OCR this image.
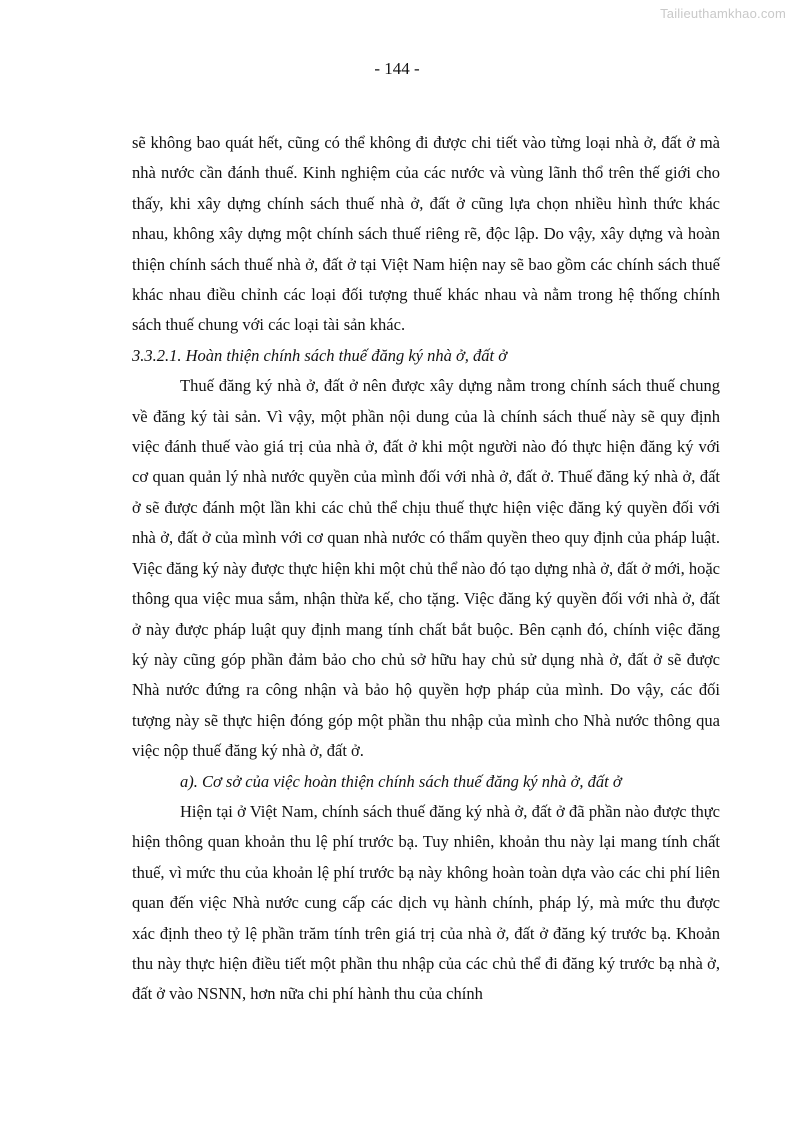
Tailieuthamkhao.com
- 144 -

sẽ không bao quát hết, cũng có thể không đi được chi tiết vào từng loại nhà ở, đất ở mà nhà nước cần đánh thuế. Kinh nghiệm của các nước và vùng lãnh thổ trên thế giới cho thấy, khi xây dựng chính sách thuế nhà ở, đất ở cũng lựa chọn nhiều hình thức khác nhau, không xây dựng một chính sách thuế riêng rẽ, độc lập. Do vậy, xây dựng và hoàn thiện chính sách thuế nhà ở, đất ở tại Việt Nam hiện nay sẽ bao gồm các chính sách thuế khác nhau điều chỉnh các loại đối tượng thuế khác nhau và nằm trong hệ thống chính sách thuế chung với các loại tài sản khác.

3.3.2.1. Hoàn thiện chính sách thuế đăng ký nhà ở, đất ở

Thuế đăng ký nhà ở, đất ở nên được xây dựng nằm trong chính sách thuế chung về đăng ký tài sản. Vì vậy, một phần nội dung của là chính sách thuế này sẽ quy định việc đánh thuế vào giá trị của nhà ở, đất ở khi một người nào đó thực hiện đăng ký với cơ quan quản lý nhà nước quyền của mình đối với nhà ở, đất ở. Thuế đăng ký nhà ở, đất ở sẽ được đánh một lần khi các chủ thể chịu thuế thực hiện việc đăng ký quyền đối với nhà ở, đất ở của mình với cơ quan nhà nước có thẩm quyền theo quy định của pháp luật. Việc đăng ký này được thực hiện khi một chủ thể nào đó tạo dựng nhà ở, đất ở mới, hoặc thông qua việc mua sắm, nhận thừa kế, cho tặng. Việc đăng ký quyền đối với nhà ở, đất ở này được pháp luật quy định mang tính chất bắt buộc. Bên cạnh đó, chính việc đăng ký này cũng góp phần đảm bảo cho chủ sở hữu hay chủ sử dụng nhà ở, đất ở sẽ được Nhà nước đứng ra công nhận và bảo hộ quyền hợp pháp của mình. Do vậy, các đối tượng này sẽ thực hiện đóng góp một phần thu nhập của mình cho Nhà nước thông qua việc nộp thuế đăng ký nhà ở, đất ở.

a). Cơ sở của việc hoàn thiện chính sách thuế đăng ký nhà ở, đất ở

Hiện tại ở Việt Nam, chính sách thuế đăng ký nhà ở, đất ở đã phần nào được thực hiện thông quan khoản thu lệ phí trước bạ. Tuy nhiên, khoản thu này lại mang tính chất thuế, vì mức thu của khoản lệ phí trước bạ này không hoàn toàn dựa vào các chi phí liên quan đến việc Nhà nước cung cấp các dịch vụ hành chính, pháp lý, mà mức thu được xác định theo tỷ lệ phần trăm tính trên giá trị của nhà ở, đất ở đăng ký trước bạ. Khoản thu này thực hiện điều tiết một phần thu nhập của các chủ thể đi đăng ký trước bạ nhà ở, đất ở vào NSNN, hơn nữa chi phí hành thu của chính
